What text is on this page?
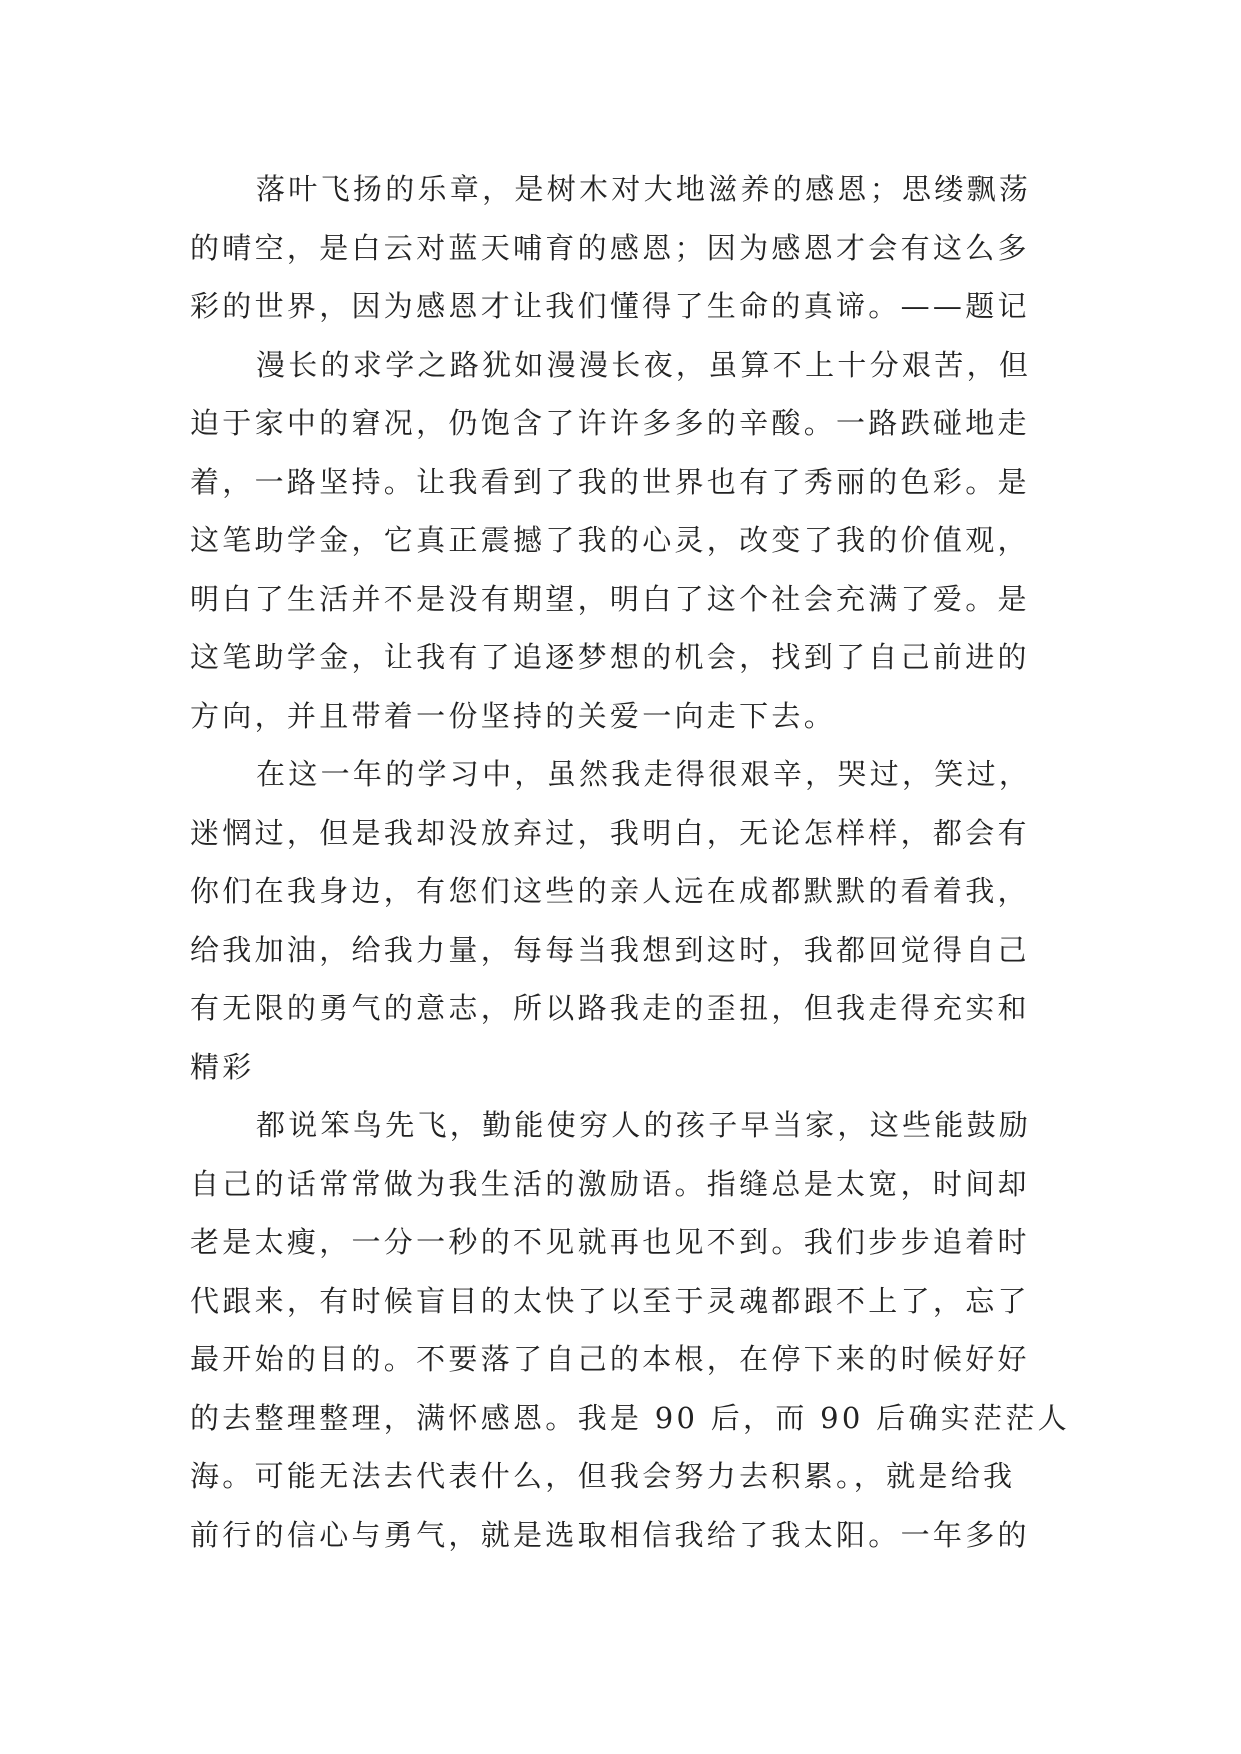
落叶飞扬的乐章，是树木对大地滋养的感恩；思缕飘荡
的晴空，是白云对蓝天哺育的感恩；因为感恩才会有这么多
彩的世界，因为感恩才让我们懂得了生命的真谛。——题记
漫长的求学之路犹如漫漫长夜，虽算不上十分艰苦，但
迫于家中的窘况，仍饱含了许许多多的辛酸。一路跌碰地走
着，一路坚持。让我看到了我的世界也有了秀丽的色彩。是
这笔助学金，它真正震撼了我的心灵，改变了我的价值观，
明白了生活并不是没有期望，明白了这个社会充满了爱。是
这笔助学金，让我有了追逐梦想的机会，找到了自己前进的
方向，并且带着一份坚持的关爱一向走下去。
在这一年的学习中，虽然我走得很艰辛，哭过，笑过，
迷惘过，但是我却没放弃过，我明白，无论怎样样，都会有
你们在我身边，有您们这些的亲人远在成都默默的看着我，
给我加油，给我力量，每每当我想到这时，我都回觉得自己
有无限的勇气的意志，所以路我走的歪扭，但我走得充实和
精彩
都说笨鸟先飞，勤能使穷人的孩子早当家，这些能鼓励
自己的话常常做为我生活的激励语。指缝总是太宽，时间却
老是太瘦，一分一秒的不见就再也见不到。我们步步追着时
代跟来，有时候盲目的太快了以至于灵魂都跟不上了，忘了
最开始的目的。不要落了自己的本根，在停下来的时候好好
的去整理整理，满怀感恩。我是 90 后，而 90 后确实茫茫人
海。可能无法去代表什么，但我会努力去积累。，就是给我
前行的信心与勇气，就是选取相信我给了我太阳。一年多的
